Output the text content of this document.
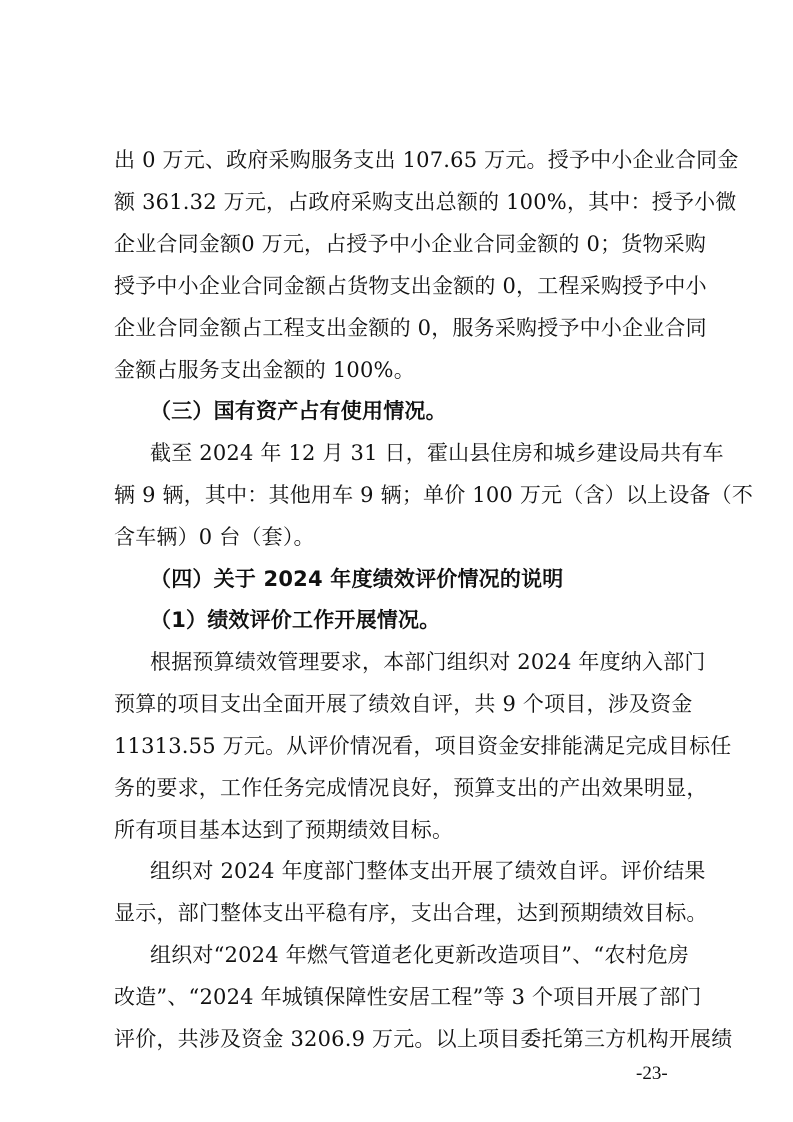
出 0 万元、政府采购服务支出 107.65 万元。授予中小企业合同金
额 361.32 万元，占政府采购支出总额的 100%，其中：授予小微
企业合同金额0 万元，占授予中小企业合同金额的 0；货物采购
授予中小企业合同金额占货物支出金额的 0，工程采购授予中小
企业合同金额占工程支出金额的 0，服务采购授予中小企业合同
金额占服务支出金额的 100%。
（三）国有资产占有使用情况。
截至 2024 年 12 月 31 日，霍山县住房和城乡建设局共有车
辆 9 辆，其中：其他用车 9 辆；单价 100 万元（含）以上设备（不
含车辆）0 台（套）。
（四）关于 2024 年度绩效评价情况的说明
（1）绩效评价工作开展情况。
根据预算绩效管理要求，本部门组织对 2024 年度纳入部门
预算的项目支出全面开展了绩效自评，共 9 个项目，涉及资金
11313.55 万元。从评价情况看，项目资金安排能满足完成目标任
务的要求，工作任务完成情况良好，预算支出的产出效果明显，
所有项目基本达到了预期绩效目标。
组织对 2024 年度部门整体支出开展了绩效自评。评价结果
显示，部门整体支出平稳有序，支出合理，达到预期绩效目标。
组织对“2024 年燃气管道老化更新改造项目”、“农村危房
改造”、“2024 年城镇保障性安居工程”等 3 个项目开展了部门
评价，共涉及资金 3206.9 万元。以上项目委托第三方机构开展绩
-23-
